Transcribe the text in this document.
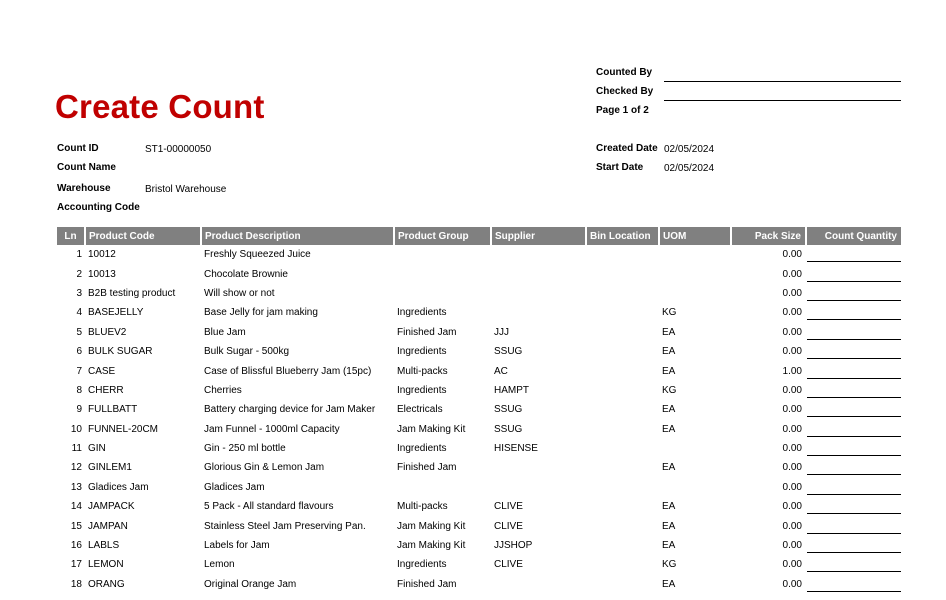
Create Count
Counted By
Checked By
Page 1 of 2
Count ID	ST1-00000050
Count Name
Warehouse	Bristol Warehouse
Accounting Code
Created Date 02/05/2024
Start Date 02/05/2024
Ln	Product Code	Product Description	Product Group	Supplier	Bin Location	UOM	Pack Size	Count Quantity
1	10012	Freshly Squeezed Juice					0.00	

2	10013	Chocolate Brownie					0.00	

3	B2B testing product	Will show or not					0.00	

4	BASEJELLY	Base Jelly for jam making	Ingredients			KG	0.00	

5	BLUEV2	Blue Jam	Finished Jam	JJJ		EA	0.00	

6	BULK SUGAR	Bulk Sugar - 500kg	Ingredients	SSUG		EA	0.00	

7	CASE	Case of Blissful Blueberry Jam (15pc)	Multi-packs	AC		EA	1.00	

8	CHERR	Cherries	Ingredients	HAMPT		KG	0.00	

9	FULLBATT	Battery charging device for Jam Maker	Electricals	SSUG		EA	0.00	

10	FUNNEL-20CM	Jam Funnel - 1000ml Capacity	Jam Making Kit	SSUG		EA	0.00	

11	GIN	Gin - 250 ml bottle	Ingredients	HISENSE			0.00	

12	GINLEM1	Glorious Gin & Lemon Jam	Finished Jam			EA	0.00	

13	Gladices Jam	Gladices Jam					0.00	

14	JAMPACK	5 Pack - All standard flavours	Multi-packs	CLIVE		EA	0.00	

15	JAMPAN	Stainless Steel Jam Preserving Pan.	Jam Making Kit	CLIVE		EA	0.00	

16	LABLS	Labels for Jam	Jam Making Kit	JJSHOP		EA	0.00	

17	LEMON	Lemon	Ingredients	CLIVE		KG	0.00	

18	ORANG	Original Orange Jam	Finished Jam			EA	0.00	
